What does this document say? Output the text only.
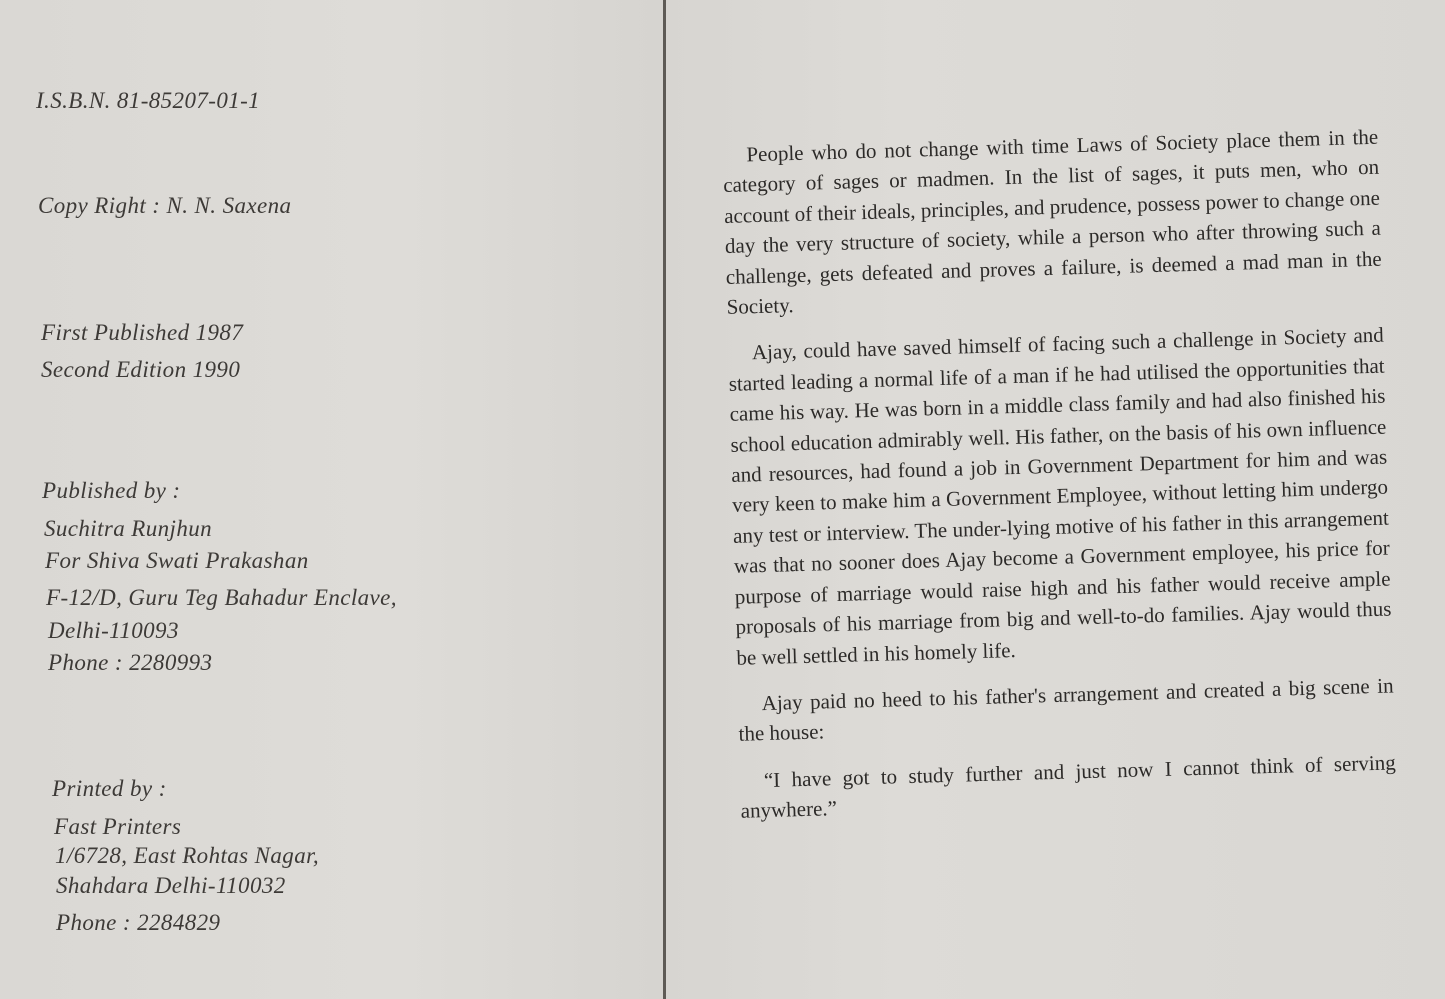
I.S.B.N. 81-85207-01-1
Copy Right : N. N. Saxena
First Published 1987
Second Edition 1990
Published by :
Suchitra Runjhun
For Shiva Swati Prakashan
F-12/D, Guru Teg Bahadur Enclave,
Delhi-110093
Phone : 2280993
Printed by :
Fast Printers
1/6728, East Rohtas Nagar,
Shahdara Delhi-110032
Phone : 2284829

People who do not change with time Laws of Society place them in the category of sages or madmen. In the list of sages, it puts men, who on account of their ideals, principles, and prudence, possess power to change one day the very structure of society, while a person who after throwing such a challenge, gets defeated and proves a failure, is deemed a mad man in the Society.

Ajay, could have saved himself of facing such a challenge in Society and started leading a normal life of a man if he had utilised the opportunities that came his way. He was born in a middle class family and had also finished his school education admirably well. His father, on the basis of his own influence and resources, had found a job in Government Department for him and was very keen to make him a Government Employee, without letting him undergo any test or interview. The under-lying motive of his father in this arrangement was that no sooner does Ajay become a Government employee, his price for purpose of marriage would raise high and his father would receive ample proposals of his marriage from big and well-to-do families. Ajay would thus be well settled in his homely life.

Ajay paid no heed to his father's arrangement and created a big scene in the house:

“I have got to study further and just now I cannot think of serving anywhere.”
